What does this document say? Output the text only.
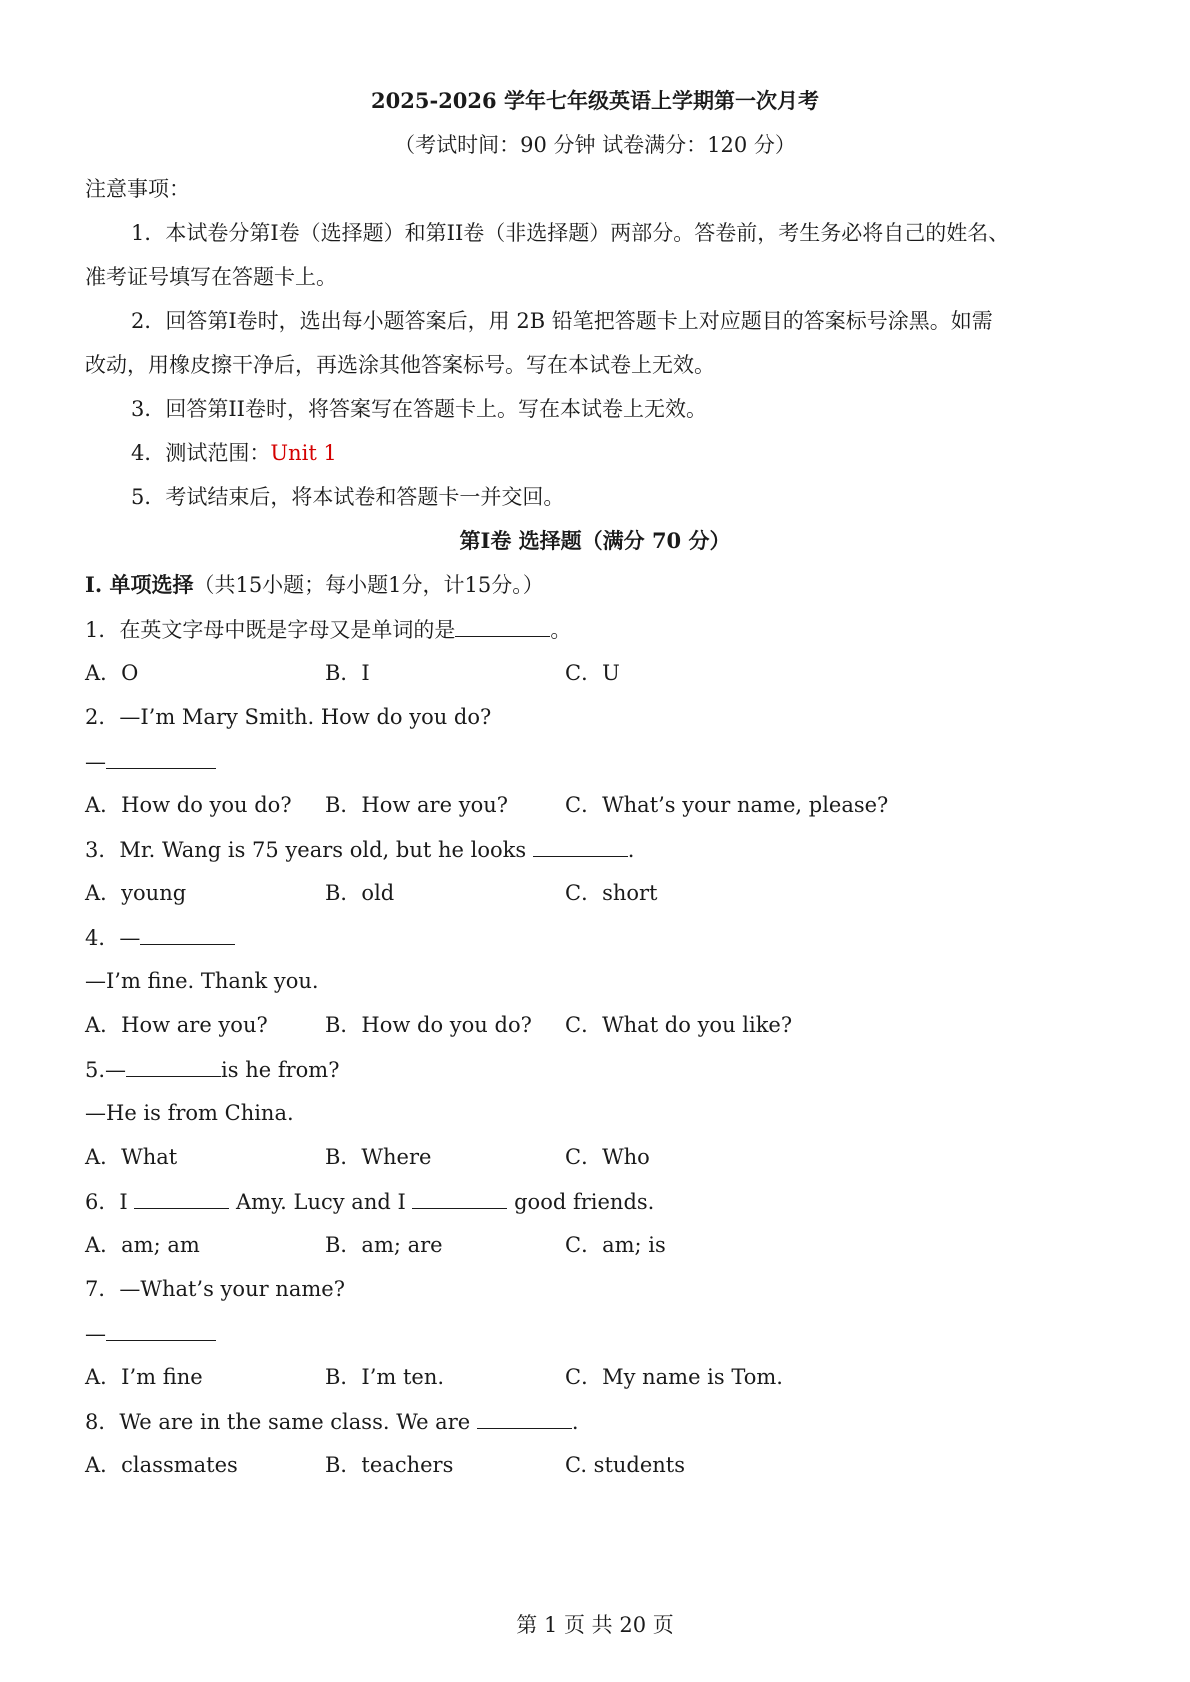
2025-2026 学年七年级英语上学期第一次月考
（考试时间：90 分钟 试卷满分：120 分）
注意事项：
1．本试卷分第I卷（选择题）和第II卷（非选择题）两部分。答卷前，考生务必将自己的姓名、
准考证号填写在答题卡上。
2．回答第I卷时，选出每小题答案后，用 2B 铅笔把答题卡上对应题目的答案标号涂黑。如需
改动，用橡皮擦干净后，再选涂其他答案标号。写在本试卷上无效。
3．回答第II卷时，将答案写在答题卡上。写在本试卷上无效。
4．测试范围：Unit 1
5．考试结束后，将本试卷和答题卡一并交回。
第I卷 选择题（满分 70 分）
I. 单项选择（共15小题；每小题1分，计15分。）
1．在英文字母中既是字母又是单词的是	。
A．O	B．I	C．U
2．—I’m Mary Smith. How do you do?
—
A．How do you do? B．How are you?	C．What’s your name, please?
3．Mr. Wang is 75 years old, but he looks	.
A．young	B．old	C．short
4．—
—I’m fine. Thank you.
A．How are you?	B．How do you do? C．What do you like?
5.—	is he from?
—He is from China.
A．What	B．Where	C．Who
6．I	Amy. Lucy and I	good friends.
A．am; am	B．am; are	C．am; is
7．—What’s your name?
—
A．I’m fine	B．I’m ten.	C．My name is Tom.
8．We are in the same class. We are	.
A．classmates	B．teachers	C. students
第 1 页 共 20 页
